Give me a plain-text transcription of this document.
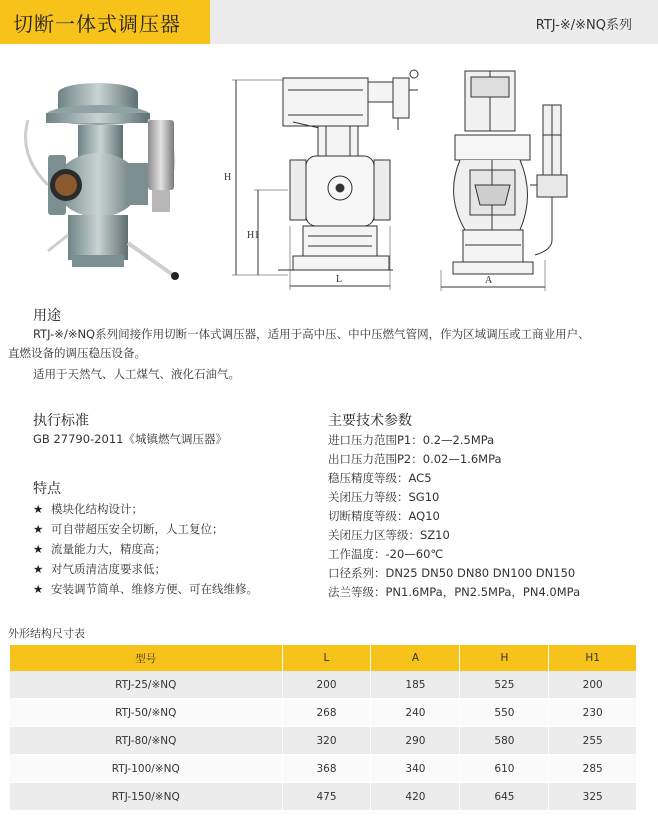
切断一体式调压器	RTJ-※/※NQ系列
H
H1
L	A
用途
RTJ-※/※NQ系列间接作用切断一体式调压器，适用于高中压、中中压燃气管网，作为区域调压或工商业用户、
直燃设备的调压稳压设备。
适用于天然气、人工煤气、液化石油气。
执行标准
GB 27790-2011《城镇燃气调压器》
特点
★ 模块化结构设计；
★ 可自带超压安全切断，人工复位；
★ 流量能力大，精度高；
★ 对气质清洁度要求低；
★ 安装调节简单、维修方便、可在线维修。
主要技术参数
进口压力范围P1：0.2—2.5MPa
出口压力范围P2：0.02—1.6MPa
稳压精度等级：AC5
关闭压力等级：SG10
切断精度等级：AQ10
关闭压力区等级：SZ10
工作温度：-20—60℃
口径系列：DN25 DN50 DN80 DN100 DN150
法兰等级：PN1.6MPa，PN2.5MPa，PN4.0MPa
外形结构尺寸表
型号	L	A	H	H1
RTJ-25/※NQ	200	185	525	200
RTJ-50/※NQ	268	240	550	230
RTJ-80/※NQ	320	290	580	255
RTJ-100/※NQ	368	340	610	285
RTJ-150/※NQ	475	420	645	325
